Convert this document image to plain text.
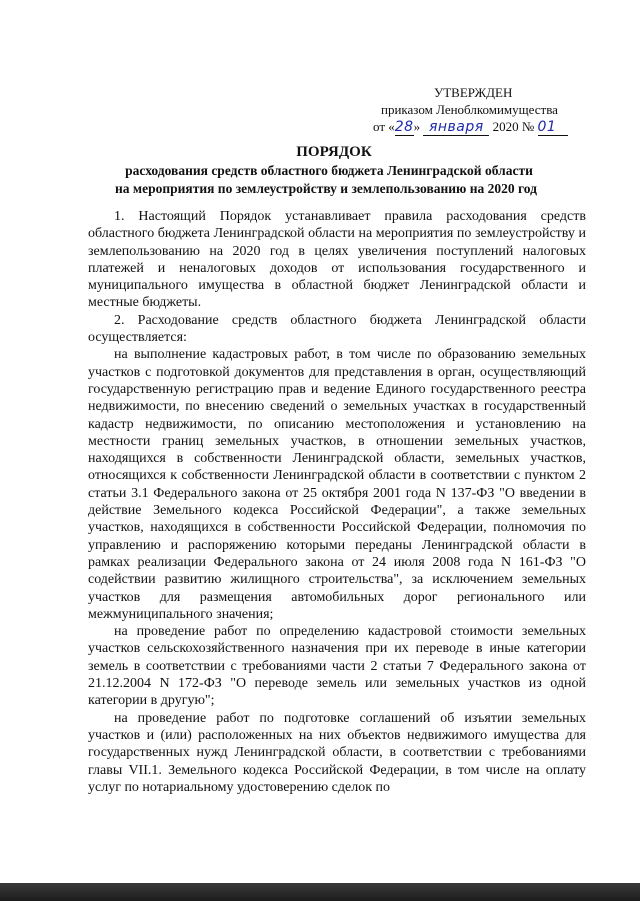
УТВЕРЖДЕН
приказом Леноблкомимущества
от «28» января 2020 № 01
ПОРЯДОК
расходования средств областного бюджета Ленинградской области
на мероприятия по землеустройству и землепользованию на 2020 год

1. Настоящий Порядок устанавливает правила расходования средств областного бюджета Ленинградской области на мероприятия по землеустройству и землепользованию на 2020 год в целях увеличения поступлений налоговых платежей и неналоговых доходов от использования государственного и муниципального имущества в областной бюджет Ленинградской области и местные бюджеты.

2. Расходование средств областного бюджета Ленинградской области осуществляется:

на выполнение кадастровых работ, в том числе по образованию земельных участков с подготовкой документов для представления в орган, осуществляющий государственную регистрацию прав и ведение Единого государственного реестра недвижимости, по внесению сведений о земельных участках в государственный кадастр недвижимости, по описанию местоположения и установлению на местности границ земельных участков, в отношении земельных участков, находящихся в собственности Ленинградской области, земельных участков, относящихся к собственности Ленинградской области в соответствии с пунктом 2 статьи 3.1 Федерального закона от 25 октября 2001 года N 137-ФЗ "О введении в действие Земельного кодекса Российской Федерации", а также земельных участков, находящихся в собственности Российской Федерации, полномочия по управлению и распоряжению которыми переданы Ленинградской области в рамках реализации Федерального закона от 24 июля 2008 года N 161-ФЗ "О содействии развитию жилищного строительства", за исключением земельных участков для размещения автомобильных дорог регионального или межмуниципального значения;

на проведение работ по определению кадастровой стоимости земельных участков сельскохозяйственного назначения при их переводе в иные категории земель в соответствии с требованиями части 2 статьи 7 Федерального закона от 21.12.2004 N 172-ФЗ "О переводе земель или земельных участков из одной категории в другую";

на проведение работ по подготовке соглашений об изъятии земельных участков и (или) расположенных на них объектов недвижимого имущества для государственных нужд Ленинградской области, в соответствии с требованиями главы VII.1. Земельного кодекса Российской Федерации, в том числе на оплату услуг по нотариальному удостоверению сделок по
